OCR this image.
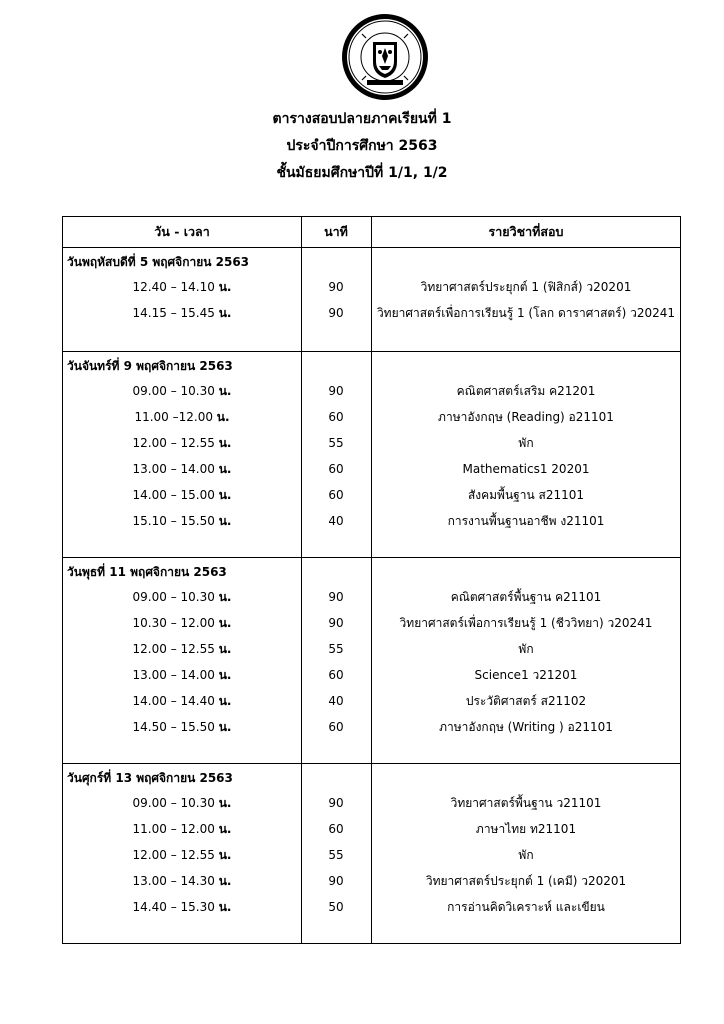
ตารางสอบปลายภาคเรียนที่ 1
ประจำปีการศึกษา 2563
ชั้นมัธยมศึกษาปีที่ 1/1, 1/2
วัน - เวลา	นาที	รายวิชาที่สอบ
วันพฤหัสบดีที่ 5 พฤศจิกายน 2563
12.40 – 14.10 น.	90	วิทยาศาสตร์ประยุกต์ 1 (ฟิสิกส์) ว20201
14.15 – 15.45 น.	90	วิทยาศาสตร์เพื่อการเรียนรู้ 1 (โลก ดาราศาสตร์) ว20241
วันจันทร์ที่ 9 พฤศจิกายน 2563
09.00 – 10.30 น.	90	คณิตศาสตร์เสริม ค21201
11.00 –12.00 น.	60	ภาษาอังกฤษ (Reading) อ21101
12.00 – 12.55 น.	55	พัก
13.00 – 14.00 น.	60	Mathematics1 20201
14.00 – 15.00 น.	60	สังคมพื้นฐาน ส21101
15.10 – 15.50 น.	40	การงานพื้นฐานอาชีพ ง21101
วันพุธที่ 11 พฤศจิกายน 2563
09.00 – 10.30 น.	90	คณิตศาสตร์พื้นฐาน ค21101
10.30 – 12.00 น.	90	วิทยาศาสตร์เพื่อการเรียนรู้ 1 (ชีววิทยา) ว20241
12.00 – 12.55 น.	55	พัก
13.00 – 14.00 น.	60	Science1 ว21201
14.00 – 14.40 น.	40	ประวัติศาสตร์ ส21102
14.50 – 15.50 น.	60	ภาษาอังกฤษ (Writing ) อ21101
วันศุกร์ที่ 13 พฤศจิกายน 2563
09.00 – 10.30 น.	90	วิทยาศาสตร์พื้นฐาน ว21101
11.00 – 12.00 น.	60	ภาษาไทย ท21101
12.00 – 12.55 น.	55	พัก
13.00 – 14.30 น.	90	วิทยาศาสตร์ประยุกต์ 1 (เคมี) ว20201
14.40 – 15.30 น.	50	การอ่านคิดวิเคราะห์ และเขียน
